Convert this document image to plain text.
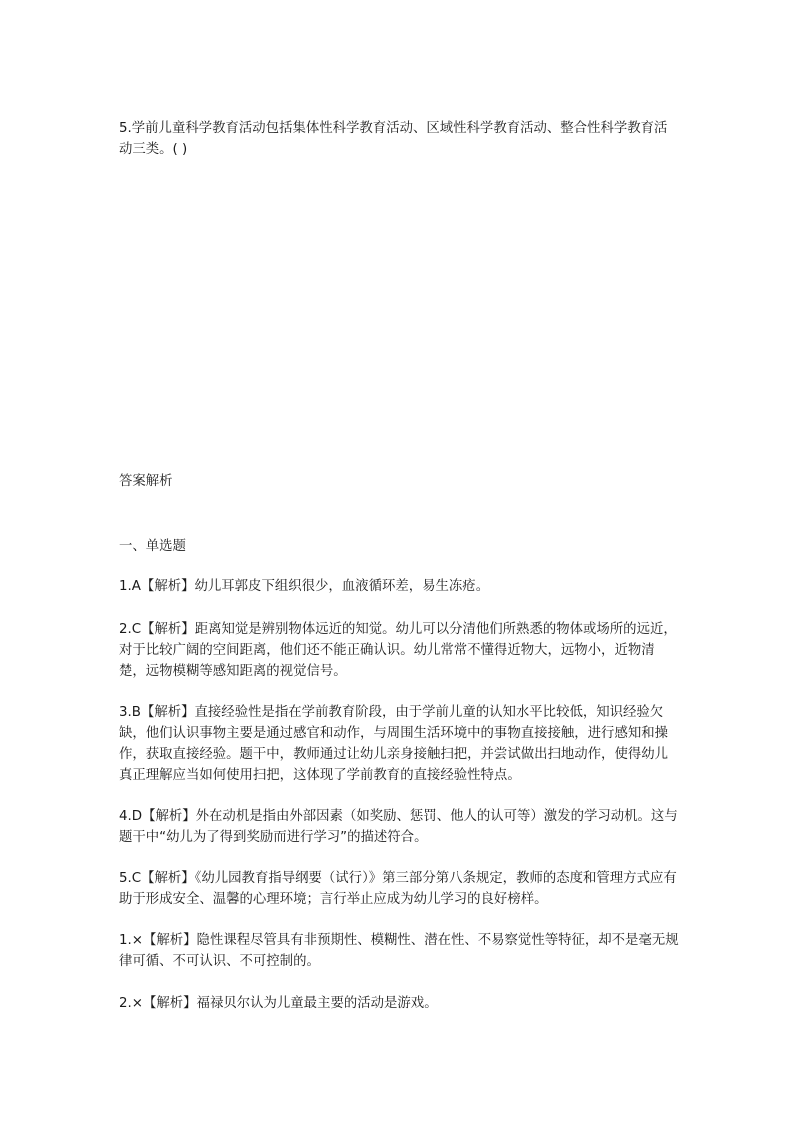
5.学前儿童科学教育活动包括集体性科学教育活动、区域性科学教育活动、整合性科学教育活动三类。( )

答案解析

一、单选题

1.A【解析】幼儿耳郭皮下组织很少，血液循环差，易生冻疮。

2.C【解析】距离知觉是辨别物体远近的知觉。幼儿可以分清他们所熟悉的物体或场所的远近，对于比较广阔的空间距离，他们还不能正确认识。幼儿常常不懂得近物大，远物小，近物清楚，远物模糊等感知距离的视觉信号。

3.B【解析】直接经验性是指在学前教育阶段，由于学前儿童的认知水平比较低，知识经验欠缺，他们认识事物主要是通过感官和动作，与周围生活环境中的事物直接接触，进行感知和操作，获取直接经验。题干中，教师通过让幼儿亲身接触扫把，并尝试做出扫地动作，使得幼儿真正理解应当如何使用扫把，这体现了学前教育的直接经验性特点。

4.D【解析】外在动机是指由外部因素（如奖励、惩罚、他人的认可等）激发的学习动机。这与题干中“幼儿为了得到奖励而进行学习”的描述符合。

5.C【解析】《幼儿园教育指导纲要（试行）》第三部分第八条规定，教师的态度和管理方式应有助于形成安全、温馨的心理环境；言行举止应成为幼儿学习的良好榜样。

1.×【解析】隐性课程尽管具有非预期性、模糊性、潜在性、不易察觉性等特征，却不是毫无规律可循、不可认识、不可控制的。

2.×【解析】福禄贝尔认为儿童最主要的活动是游戏。
